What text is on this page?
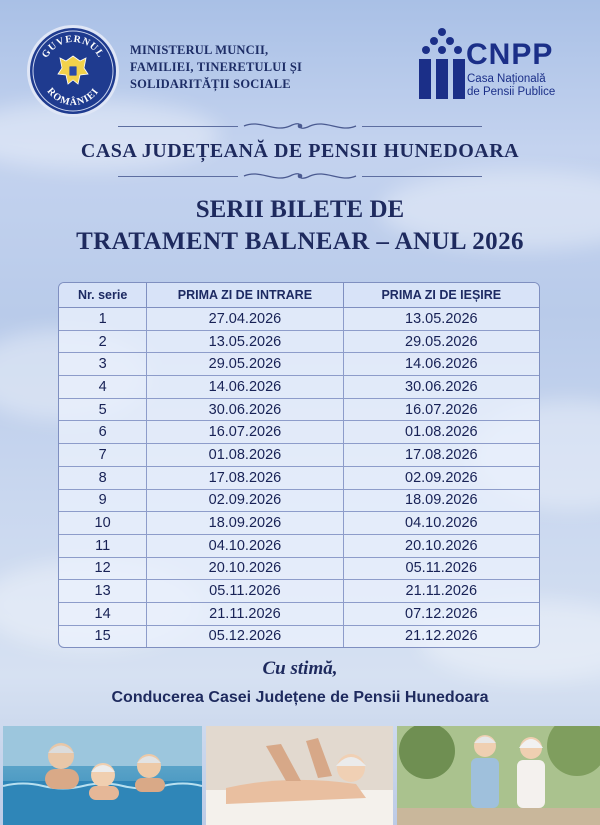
GUVERNUL
ROMÂNIEI
MINISTERUL MUNCII,
FAMILIEI, TINERETULUI ȘI
SOLIDARITĂȚII SOCIALE
CNPP
Casa Națională
de Pensii Publice
CASA JUDEȚEANĂ DE PENSII HUNEDOARA
SERII BILETE DE
TRATAMENT BALNEAR – ANUL 2026
Nr. serie	PRIMA ZI DE INTRARE	PRIMA ZI DE IEȘIRE
1	27.04.2026	13.05.2026
2	13.05.2026	29.05.2026
3	29.05.2026	14.06.2026
4	14.06.2026	30.06.2026
5	30.06.2026	16.07.2026
6	16.07.2026	01.08.2026
7	01.08.2026	17.08.2026
8	17.08.2026	02.09.2026
9	02.09.2026	18.09.2026
10	18.09.2026	04.10.2026
11	04.10.2026	20.10.2026
12	20.10.2026	05.11.2026
13	05.11.2026	21.11.2026
14	21.11.2026	07.12.2026
15	05.12.2026	21.12.2026
Cu stimă,
Conducerea Casei Județene de Pensii Hunedoara
